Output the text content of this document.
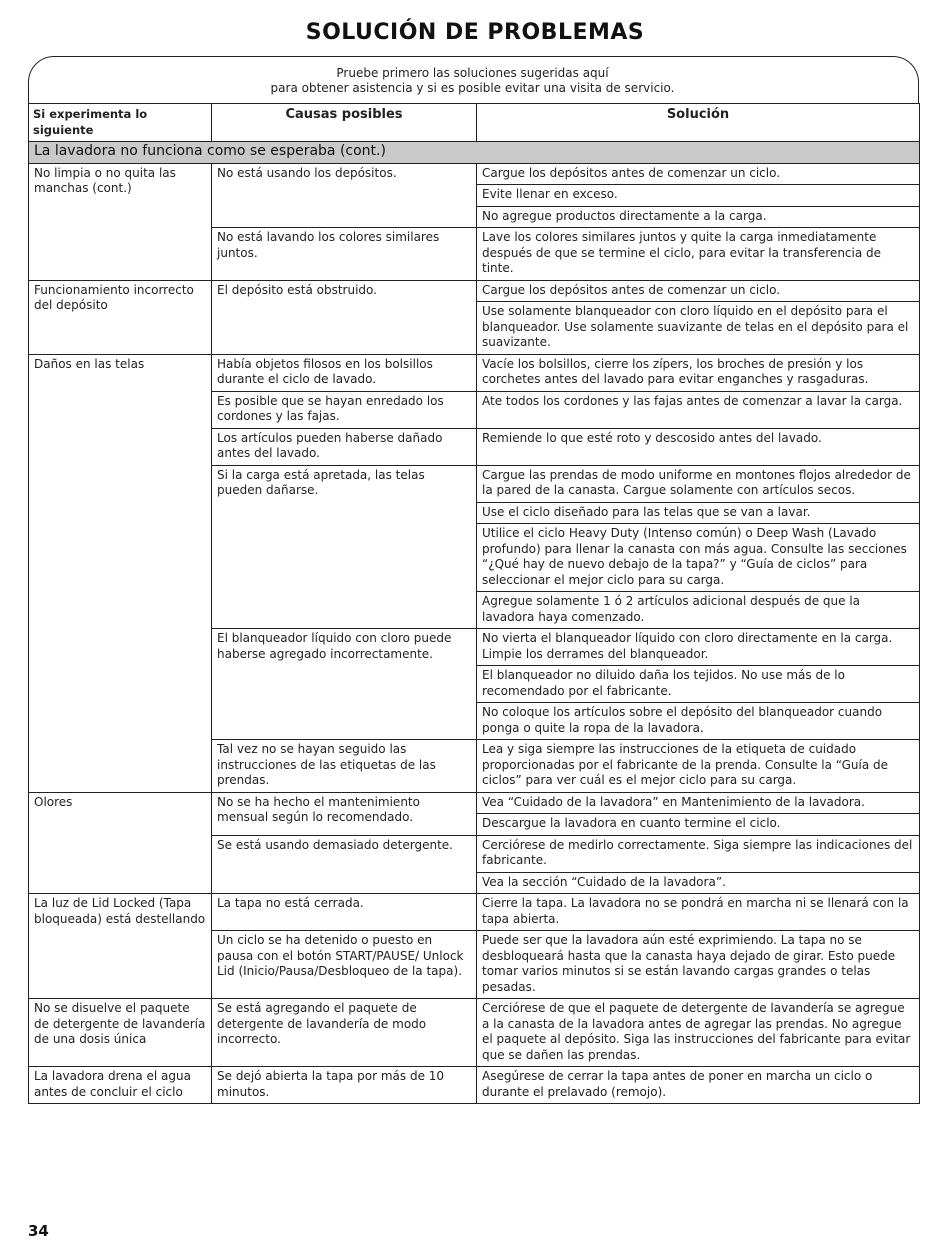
SOLUCIÓN DE PROBLEMAS
Pruebe primero las soluciones sugeridas aquí
para obtener asistencia y si es posible evitar una visita de servicio.
Si experimenta lo siguiente	Causas posibles	Solución
La lavadora no funciona como se esperaba (cont.)		
No limpia o no quita las manchas (cont.)	No está usando los depósitos.	Cargue los depósitos antes de comenzar un ciclo.
		Evite llenar en exceso.
		No agregue productos directamente a la carga.
	No está lavando los colores similares juntos.	Lave los colores similares juntos y quite la carga inmediatamente después de que se termine el ciclo, para evitar la transferencia de tinte.
Funcionamiento incorrecto del depósito	El depósito está obstruido.	Cargue los depósitos antes de comenzar un ciclo.
		Use solamente blanqueador con cloro líquido en el depósito para el blanqueador. Use solamente suavizante de telas en el depósito para el suavizante.
Daños en las telas	Había objetos filosos en los bolsillos durante el ciclo de lavado.	Vacíe los bolsillos, cierre los zípers, los broches de presión y los corchetes antes del lavado para evitar enganches y rasgaduras.
	Es posible que se hayan enredado los cordones y las fajas.	Ate todos los cordones y las fajas antes de comenzar a lavar la carga.
	Los artículos pueden haberse dañado antes del lavado.	Remiende lo que esté roto y descosido antes del lavado.
	Si la carga está apretada, las telas pueden dañarse.	Cargue las prendas de modo uniforme en montones flojos alrededor de la pared de la canasta. Cargue solamente con artículos secos.
		Use el ciclo diseñado para las telas que se van a lavar.
		Utilice el ciclo Heavy Duty (Intenso común) o Deep Wash (Lavado profundo) para llenar la canasta con más agua. Consulte las secciones “¿Qué hay de nuevo debajo de la tapa?” y “Guía de ciclos” para seleccionar el mejor ciclo para su carga.
		Agregue solamente 1 ó 2 artículos adicional después de que la lavadora haya comenzado.
	El blanqueador líquido con cloro puede haberse agregado incorrectamente.	No vierta el blanqueador líquido con cloro directamente en la carga. Limpie los derrames del blanqueador.
		El blanqueador no diluido daña los tejidos. No use más de lo recomendado por el fabricante.
		No coloque los artículos sobre el depósito del blanqueador cuando ponga o quite la ropa de la lavadora.
	Tal vez no se hayan seguido las instrucciones de las etiquetas de las prendas.	Lea y siga siempre las instrucciones de la etiqueta de cuidado proporcionadas por el fabricante de la prenda. Consulte la “Guía de ciclos” para ver cuál es el mejor ciclo para su carga.
Olores	No se ha hecho el mantenimiento mensual según lo recomendado.	Vea “Cuidado de la lavadora” en Mantenimiento de la lavadora.
		Descargue la lavadora en cuanto termine el ciclo.
	Se está usando demasiado detergente.	Cerciórese de medirlo correctamente. Siga siempre las indicaciones del fabricante.
		Vea la sección “Cuidado de la lavadora”.
La luz de Lid Locked (Tapa bloqueada) está destellando	La tapa no está cerrada.	Cierre la tapa. La lavadora no se pondrá en marcha ni se llenará con la tapa abierta.
	Un ciclo se ha detenido o puesto en pausa con el botón START/PAUSE/ Unlock Lid (Inicio/Pausa/Desbloqueo de la tapa).	Puede ser que la lavadora aún esté exprimiendo. La tapa no se desbloqueará hasta que la canasta haya dejado de girar. Esto puede tomar varios minutos si se están lavando cargas grandes o telas pesadas.
No se disuelve el paquete de detergente de lavandería de una dosis única	Se está agregando el paquete de detergente de lavandería de modo incorrecto.	Cerciórese de que el paquete de detergente de lavandería se agregue a la canasta de la lavadora antes de agregar las prendas. No agregue el paquete al depósito. Siga las instrucciones del fabricante para evitar que se dañen las prendas.
La lavadora drena el agua antes de concluir el ciclo	Se dejó abierta la tapa por más de 10 minutos.	Asegúrese de cerrar la tapa antes de poner en marcha un ciclo o durante el prelavado (remojo).
34
